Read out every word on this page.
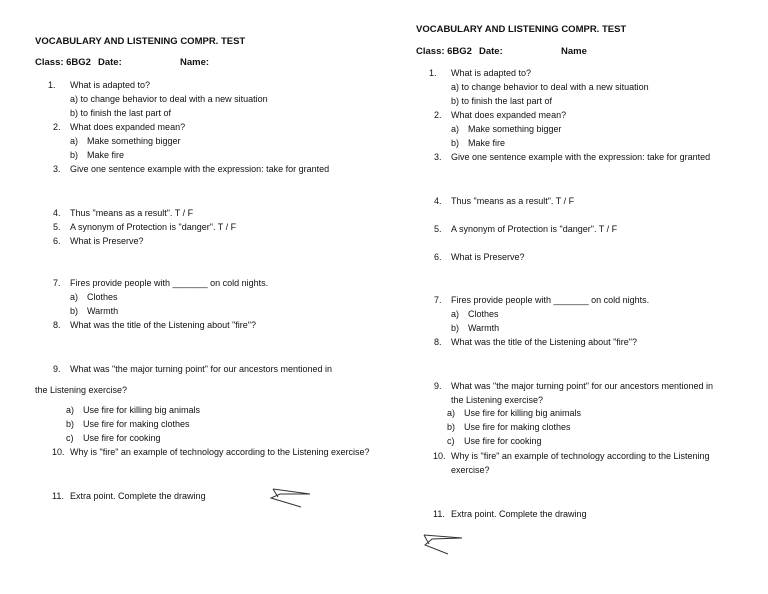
VOCABULARY AND LISTENING COMPR. TEST
Class: 6BG2 Date:	Name:
1. What is adapted to?
a) to change behavior to deal with a new situation
b) to finish the last part of
2. What does expanded mean?
a) Make something bigger
b) Make fire
3. Give one sentence example with the expression: take for granted
4. Thus "means as a result". T / F
5. A synonym of Protection is "danger". T / F
6. What is Preserve?
7. Fires provide people with _______ on cold nights.
a) Clothes
b) Warmth
8. What was the title of the Listening about "fire"?
9. What was "the major turning point" for our ancestors mentioned in
the Listening exercise?
a) Use fire for killing big animals
b) Use fire for making clothes
c) Use fire for cooking
10. Why is "fire" an example of technology according to the Listening exercise?
11. Extra point. Complete the drawing
VOCABULARY AND LISTENING COMPR. TEST
Class: 6BG2 Date:	Name
1. What is adapted to?
a) to change behavior to deal with a new situation
b) to finish the last part of
2. What does expanded mean?
a) Make something bigger
b) Make fire
3. Give one sentence example with the expression: take for granted
4. Thus "means as a result". T / F
5. A synonym of Protection is "danger". T / F
6. What is Preserve?
7. Fires provide people with _______ on cold nights.
a) Clothes
b) Warmth
8. What was the title of the Listening about "fire"?
9. What was "the major turning point" for our ancestors mentioned in
the Listening exercise?
a) Use fire for killing big animals
b) Use fire for making clothes
c) Use fire for cooking
10. Why is "fire" an example of technology according to the Listening
exercise?
11. Extra point. Complete the drawing
